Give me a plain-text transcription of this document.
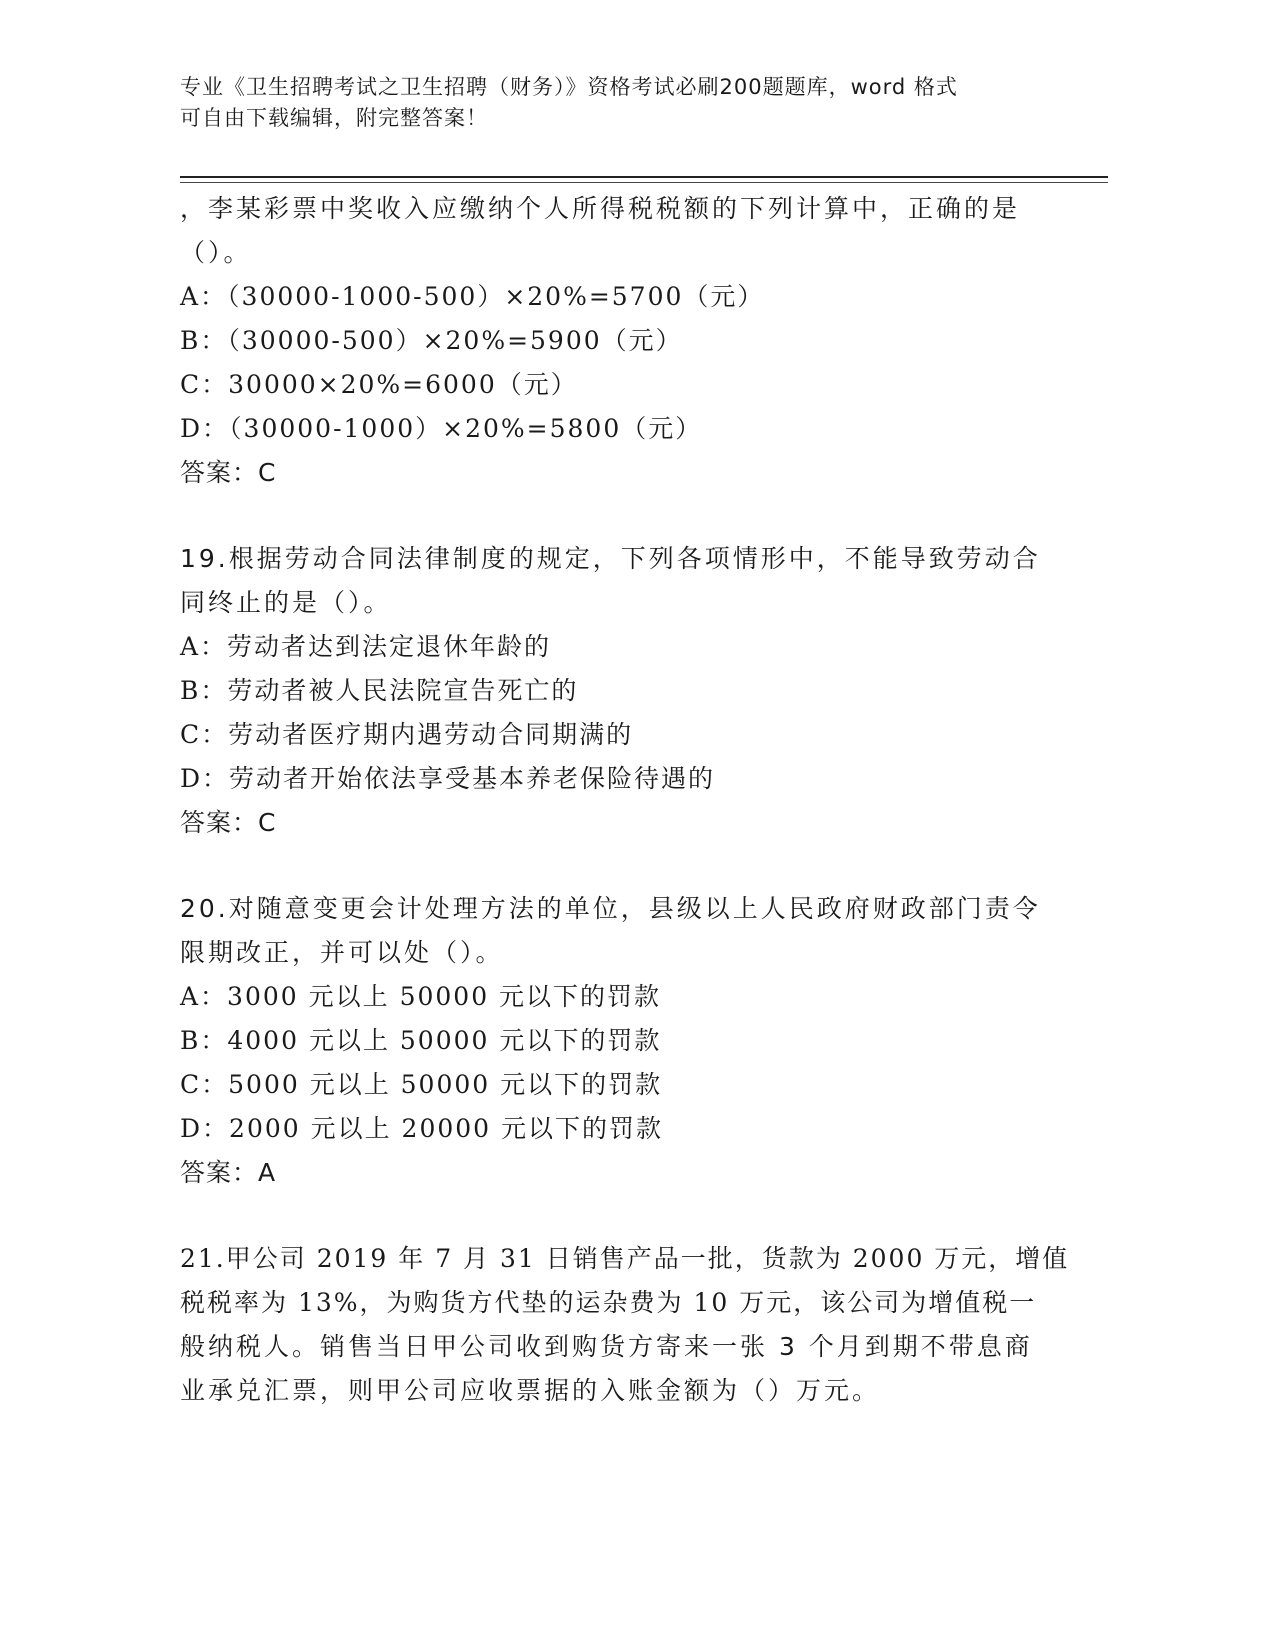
专业《卫生招聘考试之卫生招聘（财务）》资格考试必刷200题题库，word 格式
可自由下载编辑，附完整答案！
，李某彩票中奖收入应缴纳个人所得税税额的下列计算中，正确的是
（）。
A：（30000-1000-500）×20%=5700（元）
B：（30000-500）×20%=5900（元）
C：30000×20%=6000（元）
D：（30000-1000）×20%=5800（元）
答案：C
19.根据劳动合同法律制度的规定，下列各项情形中，不能导致劳动合
同终止的是（）。
A：劳动者达到法定退休年龄的
B：劳动者被人民法院宣告死亡的
C：劳动者医疗期内遇劳动合同期满的
D：劳动者开始依法享受基本养老保险待遇的
答案：C
20.对随意变更会计处理方法的单位，县级以上人民政府财政部门责令
限期改正，并可以处（）。
A：3000 元以上 50000 元以下的罚款
B：4000 元以上 50000 元以下的罚款
C：5000 元以上 50000 元以下的罚款
D：2000 元以上 20000 元以下的罚款
答案：A
21.甲公司 2019 年 7 月 31 日销售产品一批，货款为 2000 万元，增值
税税率为 13%，为购货方代垫的运杂费为 10 万元，该公司为增值税一
般纳税人。销售当日甲公司收到购货方寄来一张 3 个月到期不带息商
业承兑汇票，则甲公司应收票据的入账金额为（）万元。
